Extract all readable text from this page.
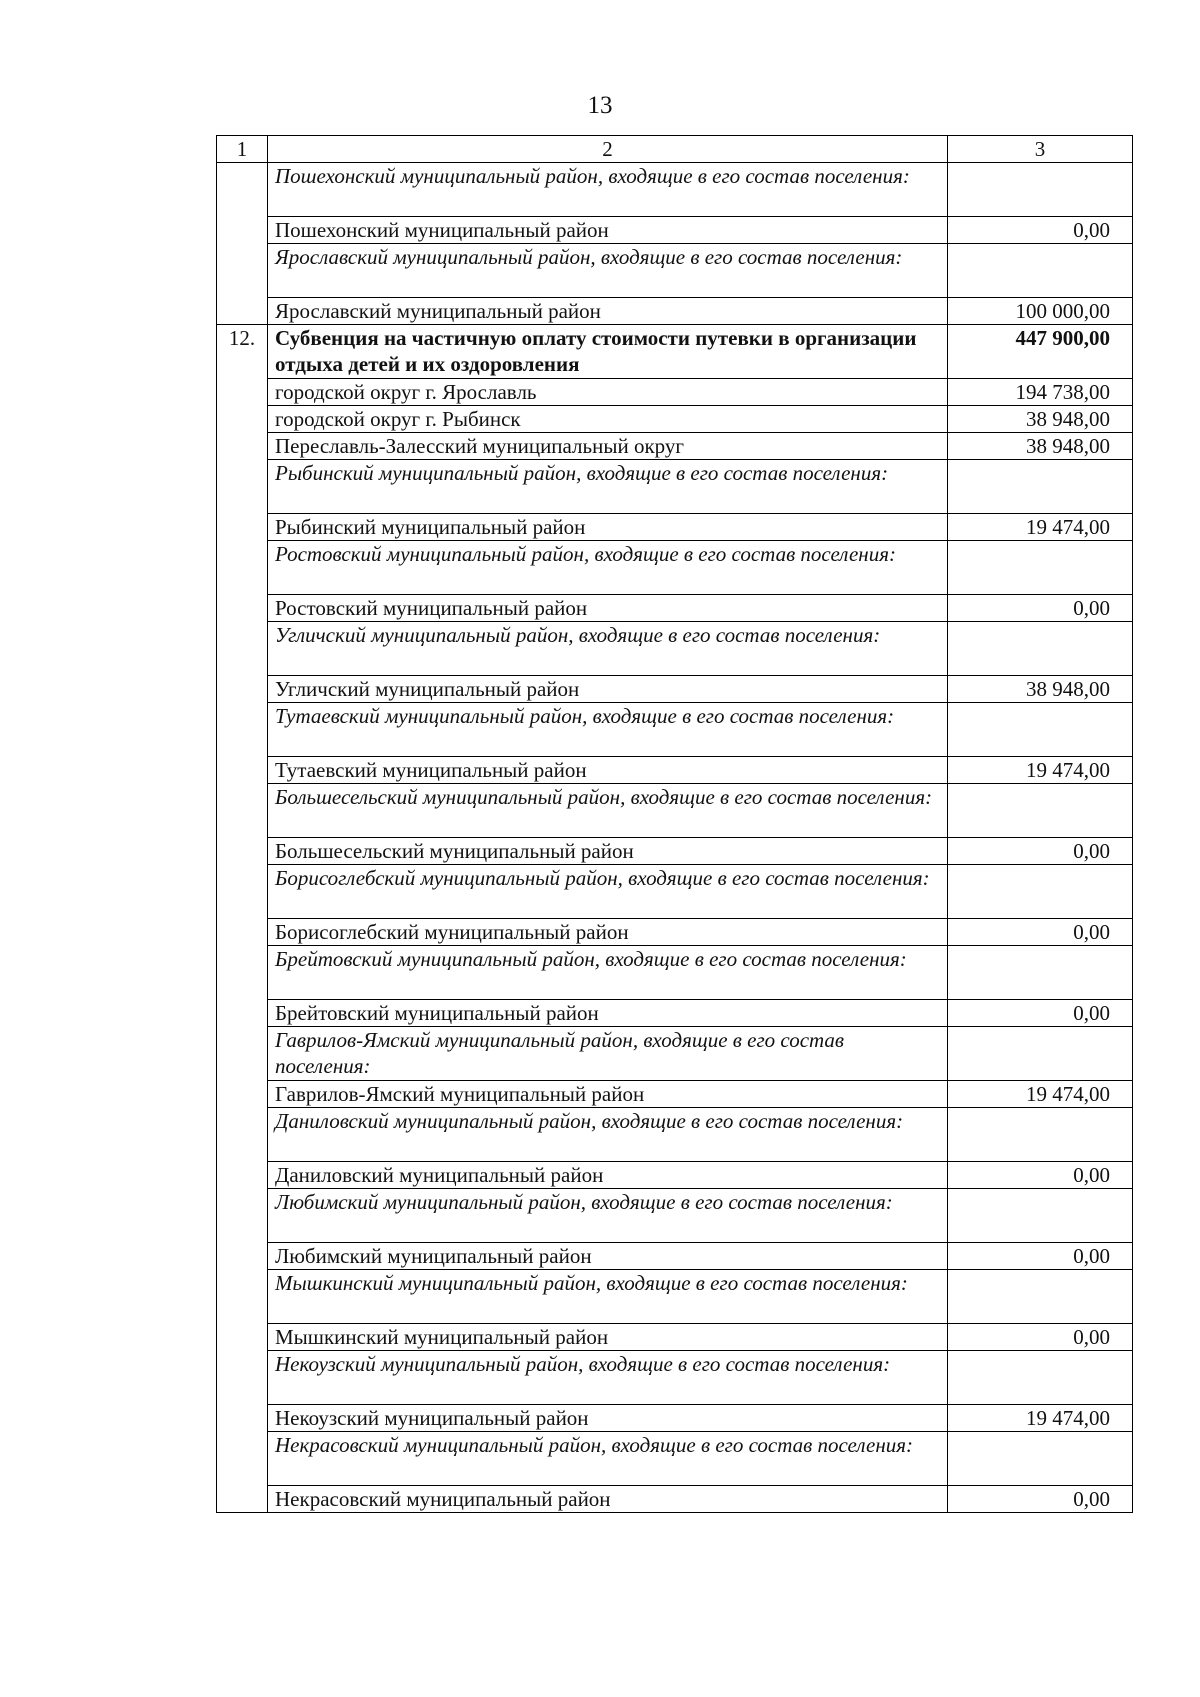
13
1	2	3
	Пошехонский муниципальный район, входящие в его состав поселения:	
	Пошехонский муниципальный район	0,00
	Ярославский муниципальный район, входящие в его состав поселения:	
	Ярославский муниципальный район	100 000,00
12.	Субвенция на частичную оплату стоимости путевки в организации отдыха детей и их оздоровления	447 900,00
	городской округ г. Ярославль	194 738,00
	городской округ г. Рыбинск	38 948,00
	Переславль-Залесский муниципальный округ	38 948,00
	Рыбинский муниципальный район, входящие в его состав поселения:	
	Рыбинский муниципальный район	19 474,00
	Ростовский муниципальный район, входящие в его состав поселения:	
	Ростовский муниципальный район	0,00
	Угличский муниципальный район, входящие в его состав поселения:	
	Угличский муниципальный район	38 948,00
	Тутаевский муниципальный район, входящие в его состав поселения:	
	Тутаевский муниципальный район	19 474,00
	Большесельский муниципальный район, входящие в его состав поселения:	
	Большесельский муниципальный район	0,00
	Борисоглебский муниципальный район, входящие в его состав поселения:	
	Борисоглебский муниципальный район	0,00
	Брейтовский муниципальный район, входящие в его состав поселения:	
	Брейтовский муниципальный район	0,00
	Гаврилов-Ямский муниципальный район, входящие в его состав поселения:	
	Гаврилов-Ямский муниципальный район	19 474,00
	Даниловский муниципальный район, входящие в его состав поселения:	
	Даниловский муниципальный район	0,00
	Любимский муниципальный район, входящие в его состав поселения:	
	Любимский муниципальный район	0,00
	Мышкинский муниципальный район, входящие в его состав поселения:	
	Мышкинский муниципальный район	0,00
	Некоузский муниципальный район, входящие в его состав поселения:	
	Некоузский муниципальный район	19 474,00
	Некрасовский муниципальный район, входящие в его состав поселения:	
	Некрасовский муниципальный район	0,00
